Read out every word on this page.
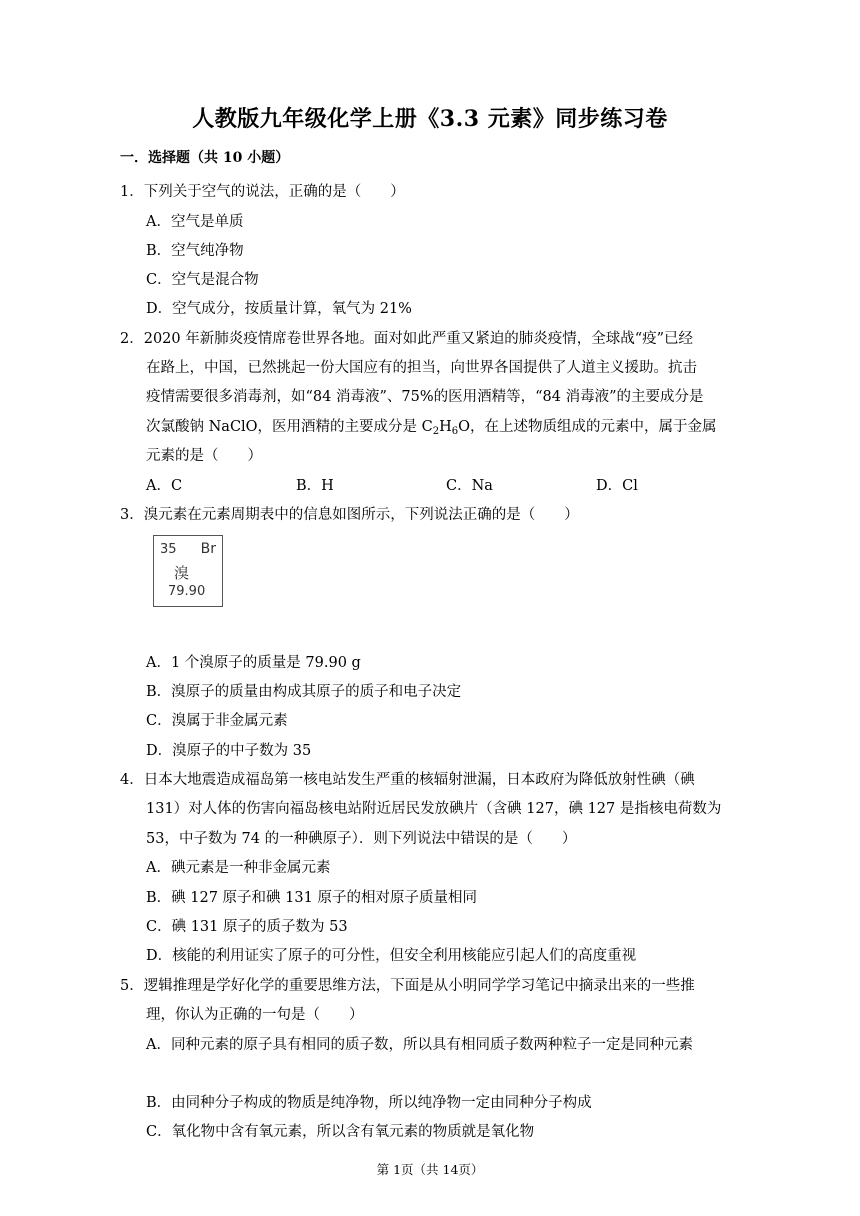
人教版九年级化学上册《3.3 元素》同步练习卷
一．选择题（共 10 小题）
1．下列关于空气的说法，正确的是（　　）
A．空气是单质
B．空气纯净物
C．空气是混合物
D．空气成分，按质量计算，氧气为 21%
2．2020 年新肺炎疫情席卷世界各地。面对如此严重又紧迫的肺炎疫情，全球战“疫”已经
在路上，中国，已然挑起一份大国应有的担当，向世界各国提供了人道主义援助。抗击
疫情需要很多消毒剂，如“84 消毒液”、75%的医用酒精等，“84 消毒液”的主要成分是
次氯酸钠 NaClO，医用酒精的主要成分是 $C_2H_6O$，在上述物质组成的元素中，属于金属
元素的是（　　）
A．C	B．H	C．Na	D．Cl
3．溴元素在元素周期表中的信息如图所示，下列说法正确的是（　　）
35 Br
溴
79.90
A．1 个溴原子的质量是 79.90 g
B．溴原子的质量由构成其原子的质子和电子决定
C．溴属于非金属元素
D．溴原子的中子数为 35
4．日本大地震造成福岛第一核电站发生严重的核辐射泄漏，日本政府为降低放射性碘（碘
131）对人体的伤害向福岛核电站附近居民发放碘片（含碘 127，碘 127 是指核电荷数为
53，中子数为 74 的一种碘原子）．则下列说法中错误的是（　　）
A．碘元素是一种非金属元素
B．碘 127 原子和碘 131 原子的相对原子质量相同
C．碘 131 原子的质子数为 53
D．核能的利用证实了原子的可分性，但安全利用核能应引起人们的高度重视
5．逻辑推理是学好化学的重要思维方法，下面是从小明同学学习笔记中摘录出来的一些推
理，你认为正确的一句是（　　）
A．同种元素的原子具有相同的质子数，所以具有相同质子数两种粒子一定是同种元素
B．由同种分子构成的物质是纯净物，所以纯净物一定由同种分子构成
C．氧化物中含有氧元素，所以含有氧元素的物质就是氧化物
第 1页（共 14页）
